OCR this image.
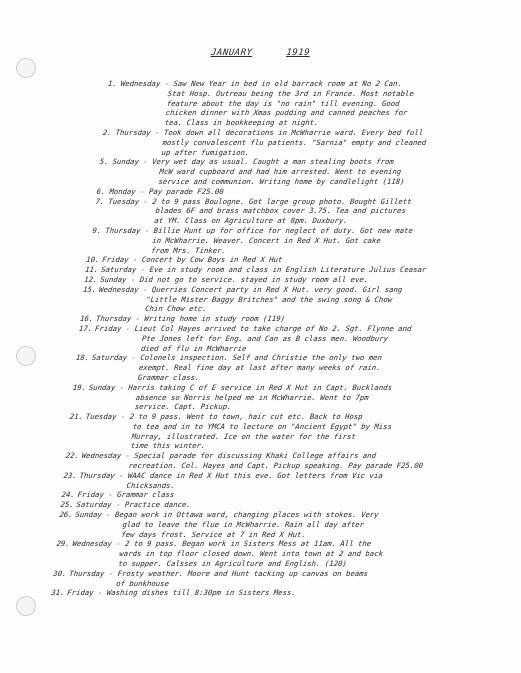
JANUARY	1919
1. Wednesday - Saw New Year in bed in old barrack room at No 2 Can.
Stat Hosp. Outreau being the 3rd in France. Most notable
feature about the day is "no rain" till evening. Good
chicken dinner with Xmas pudding and canned peaches for
tea. Class in bookkeeping at night.
2. Thursday - Took down all decorations in McWharrie ward. Every bed full
mostly convalescent flu patients. "Sarnia" empty and cleaned
up after fumigation.
5. Sunday - Very wet day as usual. Caught a man stealing boots from
McW ward cupboard and had him arrested. Went to evening
service and communion. Writing home by candlelight (118)
6. Monday - Pay parade F25.00
7. Tuesday - 2 to 9 pass Boulogne. Got large group photo. Bought Gillett
blades 6F and brass matchbox cover 3.75. Tea and pictures
at YM. Class on Agriculture at 8pm. Duxbury.
9. Thursday - Billie Hunt up for office for neglect of duty. Got new mate
in McWharrie. Weaver. Concert in Red X Hut. Got cake
from Mrs. Tinker.
10. Friday - Concert by Cow Boys in Red X Hut
11. Saturday - Eve in study room and class in English Literature Julius Ceasar
12. Sunday - Did not go to service. stayed in study room all eve.
15. Wednesday - Querries Concert party in Red X Hut. very good. Girl sang
"Little Mister Baggy Britches" and the swing song & Chow
Chin Chow etc.
16. Thursday - Writing home in study room (119)
17. Friday - Lieut Col Hayes arrived to take charge of No 2. Sgt. Flynne and
Pte Jones left for Eng. and Can as B class men. Woodbury
died of flu in McWharrie
18. Saturday - Colonels inspection. Self and Christie the only two men
exempt. Real fine day at last after many weeks of rain.
Grammar class.
19. Sunday - Harris taking C of E service in Red X Hut in Capt. Bucklands
absence so Norris helped me in McWharrie. Went to 7pm
service. Capt. Pickup.
21. Tuesday - 2 to 9 pass. Went to town, hair cut etc. Back to Hosp
to tea and in to YMCA to lecture on "Ancient Egypt" by Miss
Murray, illustrated. Ice on the water for the first
time this winter.
22. Wednesday - Special parade for discussing Khaki College affairs and
recreation. Col. Hayes and Capt. Pickup speaking. Pay parade F25.00
23. Thursday - WAAC dance in Red X Hut this eve. Got letters from Vic via
Chicksands.
24. Friday - Grammar class
25. Saturday - Practice dance.
26. Sunday - Began work in Ottawa ward, changing places with stokes. Very
glad to leave the flue in McWharrie. Rain all day after
few days frost. Service at 7 in Red X Hut.
29. Wednesday - 2 to 9 pass. Began work in Sisters Mess at 11am. All the
wards in top floor closed down. Went into town at 2 and back
to supper. Calsses in Agriculture and English. (120)
30. Thursday - Frosty weather. Moore and Hunt tacking up canvas on beams
of bunkhouse
31. Friday - Washing dishes till 8:30pm in Sisters Mess.
